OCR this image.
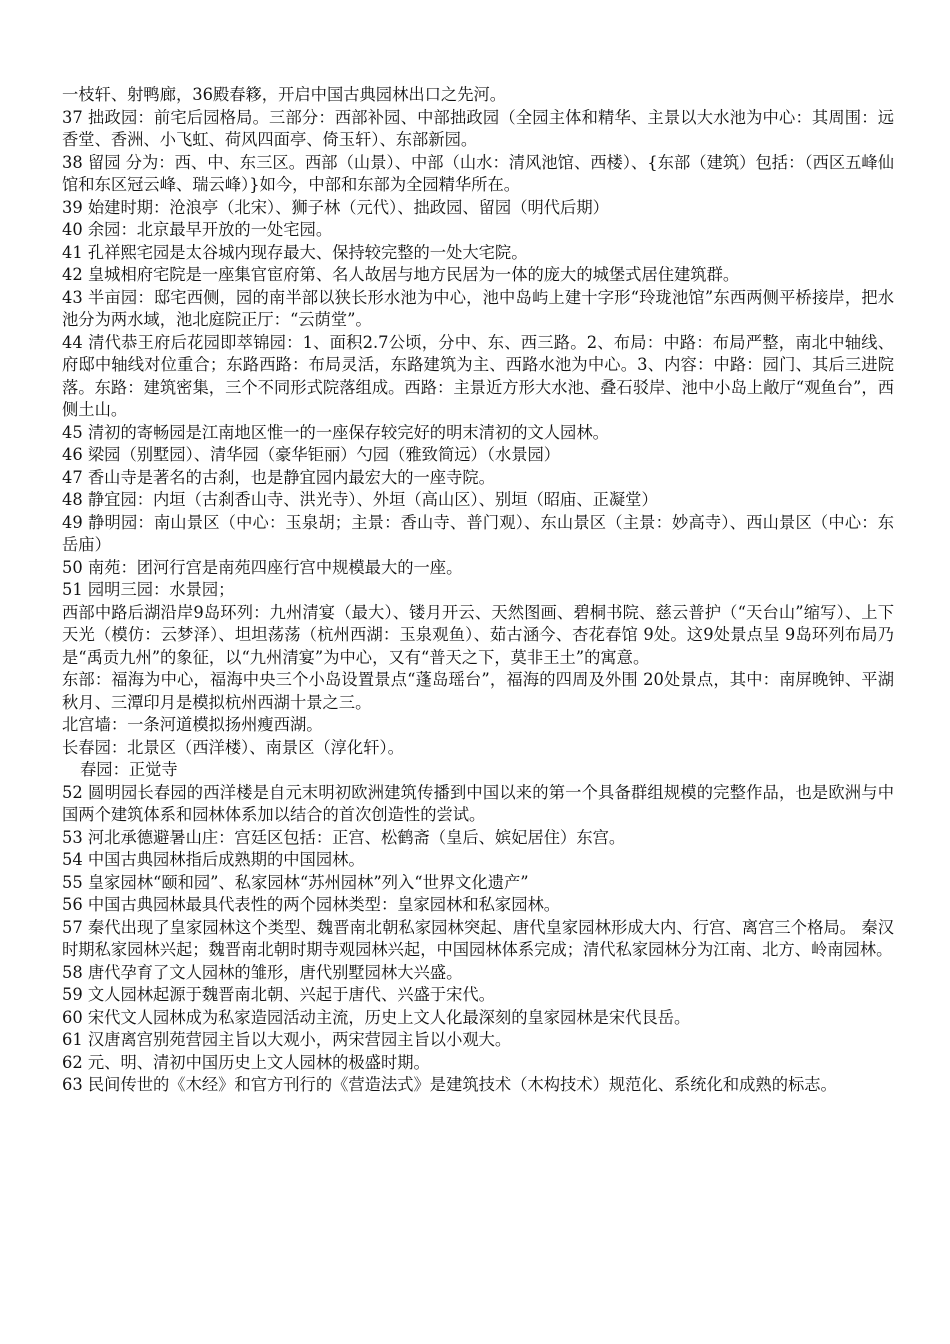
一枝轩、射鸭廊，36殿春簃，开启中国古典园林出口之先河。

37 拙政园：前宅后园格局。三部分：西部补园、中部拙政园（全园主体和精华、主景以大水池为中心：其周围：远香堂、香洲、小飞虹、荷风四面亭、倚玉轩）、东部新园。

38 留园 分为：西、中、东三区。西部（山景）、中部（山水：清风池馆、西楼）、{东部（建筑）包括：（西区五峰仙馆和东区冠云峰、瑞云峰）}如今，中部和东部为全园精华所在。

39 始建时期：沧浪亭（北宋）、狮子林（元代）、拙政园、留园（明代后期）

40 余园：北京最早开放的一处宅园。

41 孔祥熙宅园是太谷城内现存最大、保持较完整的一处大宅院。

42 皇城相府宅院是一座集官宦府第、名人故居与地方民居为一体的庞大的城堡式居住建筑群。

43 半亩园：邸宅西侧，园的南半部以狭长形水池为中心，池中岛屿上建十字形“玲珑池馆”东西两侧平桥接岸，把水池分为两水域，池北庭院正厅：“云荫堂”。

44 清代恭王府后花园即萃锦园：1、面积2.7公顷，分中、东、西三路。2、布局：中路：布局严整，南北中轴线、府邸中轴线对位重合；东路西路：布局灵活，东路建筑为主、西路水池为中心。3、内容：中路：园门、其后三进院落。东路：建筑密集，三个不同形式院落组成。西路：主景近方形大水池、叠石驳岸、池中小岛上敞厅“观鱼台”，西侧土山。

45 清初的寄畅园是江南地区惟一的一座保存较完好的明末清初的文人园林。

46 梁园（别墅园）、清华园（豪华钜丽）勺园（雅致简远）（水景园）

47 香山寺是著名的古刹，也是静宜园内最宏大的一座寺院。

48 静宜园：内垣（古刹香山寺、洪光寺）、外垣（高山区）、别垣（昭庙、正凝堂）

49 静明园：南山景区（中心：玉泉胡；主景：香山寺、普门观）、东山景区（主景：妙高寺）、西山景区（中心：东岳庙）

50 南苑：团河行宫是南苑四座行宫中规模最大的一座。

51 园明三园：水景园；

西部中路后湖沿岸9岛环列：九州清宴（最大）、镂月开云、天然图画、碧桐书院、慈云普护（“天台山”缩写）、上下天光（模仿：云梦泽）、坦坦荡荡（杭州西湖：玉泉观鱼）、茹古涵今、杏花春馆 9处。这9处景点呈 9岛环列布局乃是“禹贡九州”的象征，以“九州清宴”为中心，又有“普天之下，莫非王土”的寓意。

东部：福海为中心，福海中央三个小岛设置景点“蓬岛瑶台”，福海的四周及外围 20处景点，其中：南屏晚钟、平湖秋月、三潭印月是模拟杭州西湖十景之三。

北宫墙：一条河道模拟扬州瘦西湖。

长春园：北景区（西洋楼）、南景区（淳化轩）。

春园：正觉寺

52 圆明园长春园的西洋楼是自元末明初欧洲建筑传播到中国以来的第一个具备群组规模的完整作品，也是欧洲与中国两个建筑体系和园林体系加以结合的首次创造性的尝试。

53 河北承德避暑山庄：宫廷区包括：正宫、松鹤斋（皇后、嫔妃居住）东宫。

54 中国古典园林指后成熟期的中国园林。

55 皇家园林“颐和园”、私家园林“苏州园林”列入“世界文化遗产”

56 中国古典园林最具代表性的两个园林类型：皇家园林和私家园林。

57 秦代出现了皇家园林这个类型、魏晋南北朝私家园林突起、唐代皇家园林形成大内、行宫、离宫三个格局。 秦汉时期私家园林兴起；魏晋南北朝时期寺观园林兴起，中国园林体系完成；清代私家园林分为江南、北方、岭南园林。

58 唐代孕育了文人园林的雏形，唐代别墅园林大兴盛。

59 文人园林起源于魏晋南北朝、兴起于唐代、兴盛于宋代。

60 宋代文人园林成为私家造园活动主流，历史上文人化最深刻的皇家园林是宋代艮岳。

61 汉唐离宫别苑营园主旨以大观小，两宋营园主旨以小观大。

62 元、明、清初中国历史上文人园林的极盛时期。

63 民间传世的《木经》和官方刊行的《营造法式》是建筑技术（木构技术）规范化、系统化和成熟的标志。
